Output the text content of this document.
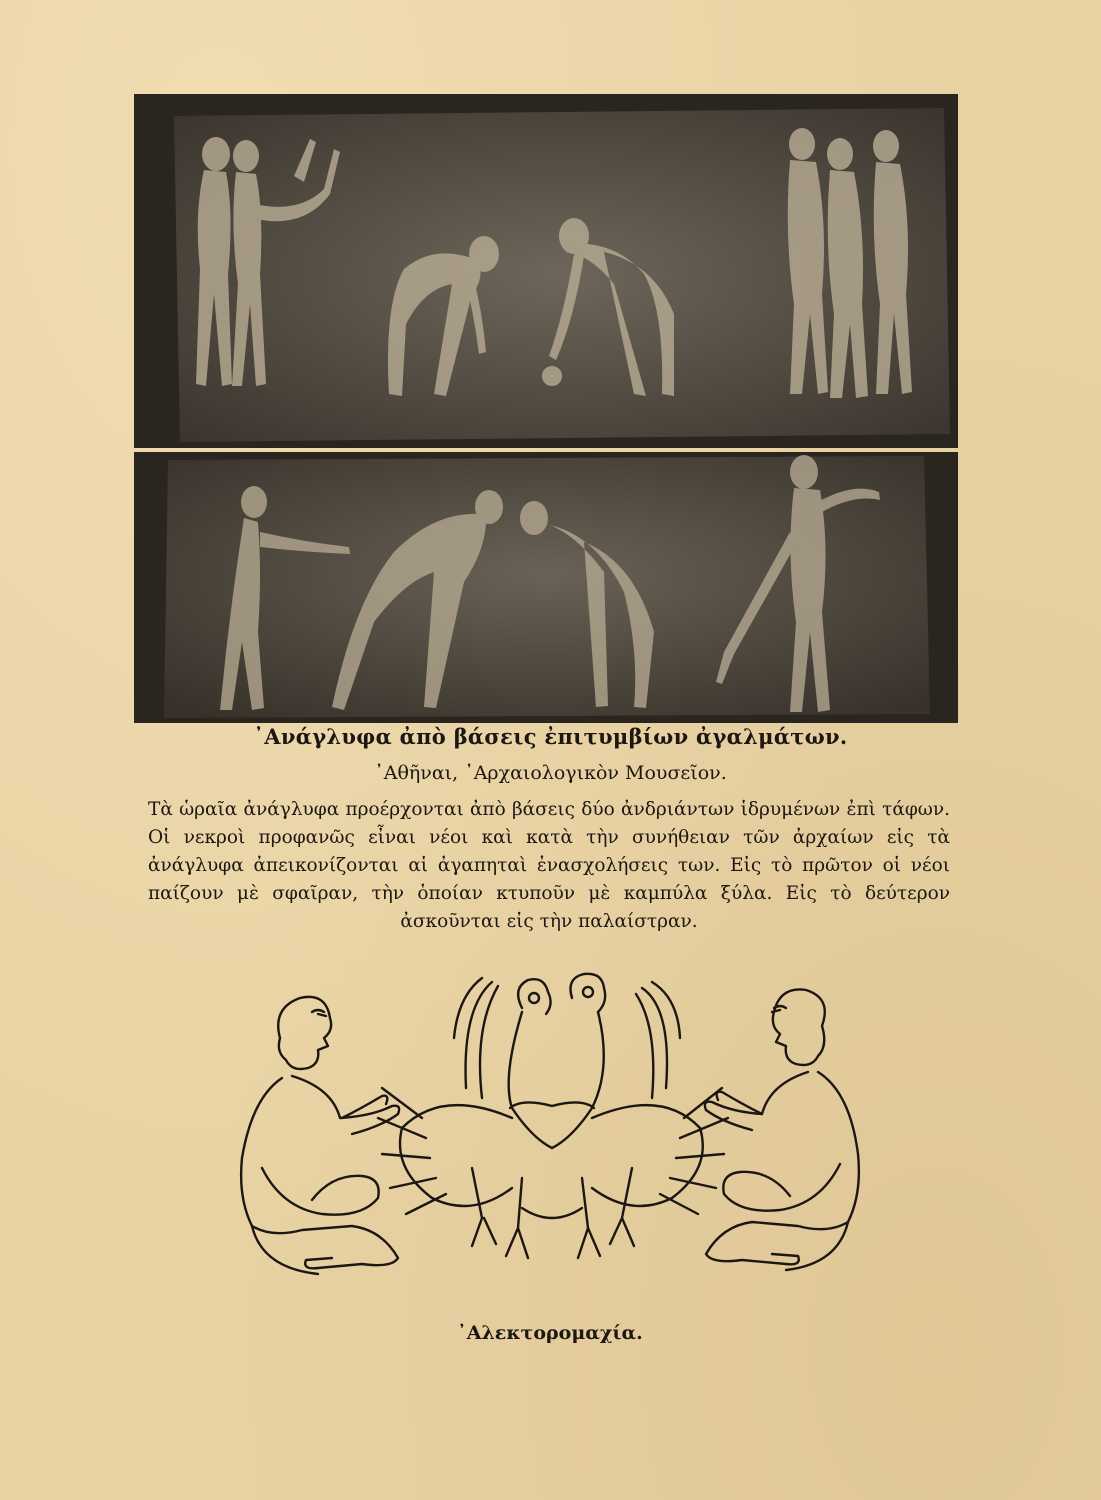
᾿Ανάγλυφα ἀπὸ βάσεις ἐπιτυμβίων ἀγαλμάτων.
᾿Αθῆναι, ᾿Αρχαιολογικὸν Μουσεῖον.
Τὰ ὡραῖα ἀνάγλυφα προέρχονται ἀπὸ βάσεις δύο ἀνδριάντων ἱδρυμένων ἐπὶ τάφων. Οἱ νεκροὶ προφανῶς εἶναι νέοι καὶ κατὰ τὴν συνήθειαν τῶν ἀρχαίων εἰς τὰ ἀνάγλυφα ἀπεικονίζονται αἱ ἀγαπηταὶ ἐνασχολήσεις των. Εἰς τὸ πρῶτον οἱ νέοι παίζουν μὲ σφαῖραν, τὴν ὁποίαν κτυποῦν μὲ καμπύλα ξύλα. Εἰς τὸ δεύτερον ἀσκοῦνται εἰς τὴν παλαίστραν.
᾿Αλεκτορομαχία.
